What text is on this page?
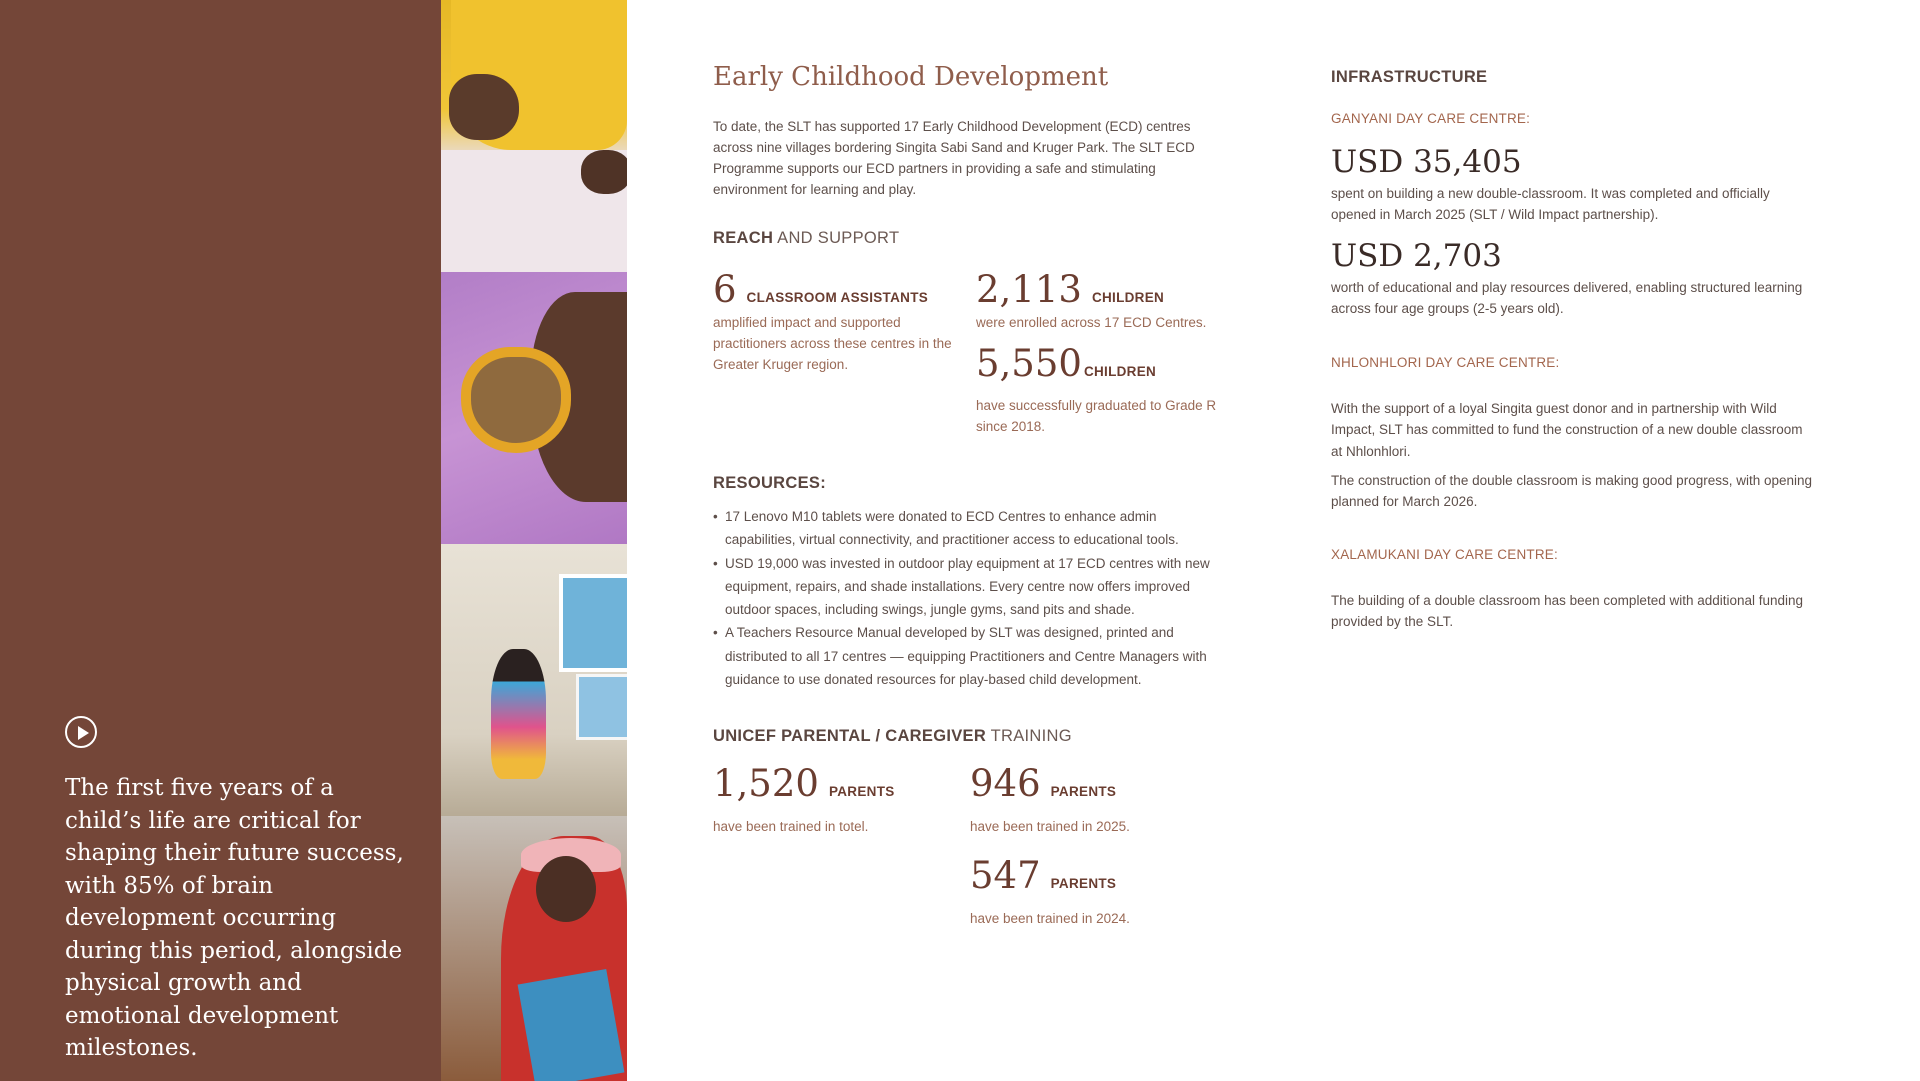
The first five years of a child’s life are critical for shaping their future success, with 85% of brain development occurring during this period, alongside physical growth and emotional development milestones.
Early Childhood Development
To date, the SLT has supported 17 Early Childhood Development (ECD) centres across nine villages bordering Singita Sabi Sand and Kruger Park. The SLT ECD Programme supports our ECD partners in providing a safe and stimulating environment for learning and play.
REACH AND SUPPORT
6 CLASSROOM ASSISTANTS
amplified impact and supported practitioners across these centres in the Greater Kruger region.
2,113 CHILDREN
were enrolled across 17 ECD Centres.
5,550 CHILDREN
have successfully graduated to Grade R since 2018.
RESOURCES:
• 17 Lenovo M10 tablets were donated to ECD Centres to enhance admin capabilities, virtual connectivity, and practitioner access to educational tools.
• USD 19,000 was invested in outdoor play equipment at 17 ECD centres with new equipment, repairs, and shade installations. Every centre now offers improved outdoor spaces, including swings, jungle gyms, sand pits and shade.
• A Teachers Resource Manual developed by SLT was designed, printed and distributed to all 17 centres — equipping Practitioners and Centre Managers with guidance to use donated resources for play-based child development.
UNICEF PARENTAL / CAREGIVER TRAINING
1,520 PARENTS
have been trained in totel.
946 PARENTS
have been trained in 2025.
547 PARENTS
have been trained in 2024.
INFRASTRUCTURE
GANYANI DAY CARE CENTRE:
USD 35,405
spent on building a new double-classroom. It was completed and officially opened in March 2025 (SLT / Wild Impact partnership).
USD 2,703
worth of educational and play resources delivered, enabling structured learning across four age groups (2-5 years old).
NHLONHLORI DAY CARE CENTRE:
With the support of a loyal Singita guest donor and in partnership with Wild Impact, SLT has committed to fund the construction of a new double classroom at Nhlonhlori.
The construction of the double classroom is making good progress, with opening planned for March 2026.
XALAMUKANI DAY CARE CENTRE:
The building of a double classroom has been completed with additional funding provided by the SLT.
